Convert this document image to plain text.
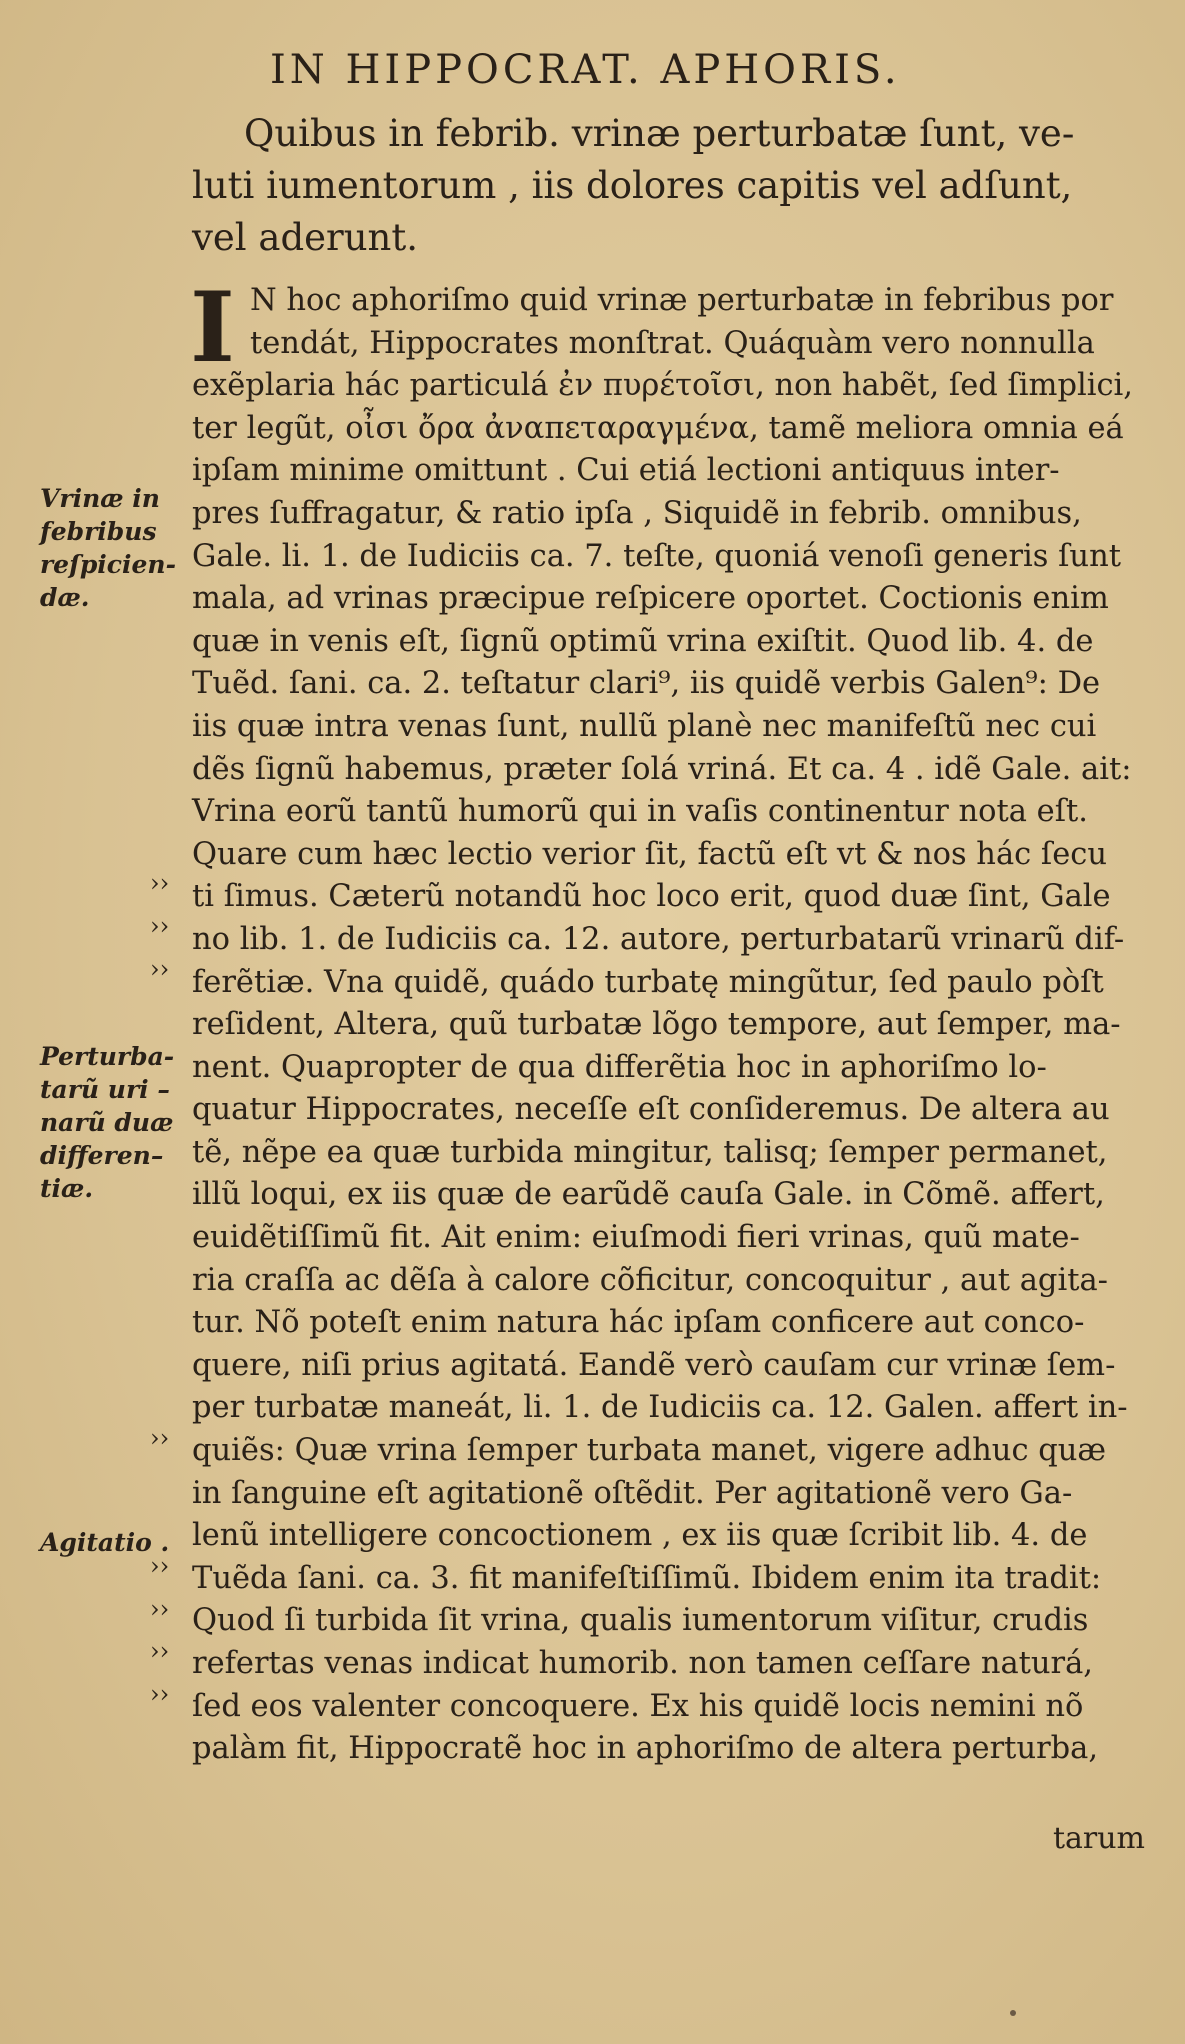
IN HIPPOCRAT. APHORIS.
Quibus in febrib. vrinæ perturbatæ ſunt, ve-
luti iumentorum , iis dolores capitis vel adſunt,
vel aderunt.
I N hoc aphoriſmo quid vrinæ perturbatæ in febribus por
tendát, Hippocrates monſtrat. Quáquàm vero nonnulla
exẽplaria hác particulá ἐν πυρέτοῖσι, non habẽt, ſed ſimplici,
ter legũt, οἶσι ὄρα ἀναπεταραγμένα, tamẽ meliora omnia eá
ipſam minime omittunt . Cui etiá lectioni antiquus inter-
pres ſuffragatur, & ratio ipſa , Siquidẽ in febrib. omnibus,
Gale. li. 1. de Iudiciis ca. 7. teſte, quoniá venoſi generis ſunt
mala, ad vrinas præcipue reſpicere oportet. Coctionis enim
quæ in venis eſt, ſignũ optimũ vrina exiſtit. Quod lib. 4. de
Tuẽd. ſani. ca. 2. teſtatur clari⁹, iis quidẽ verbis Galen⁹: De
iis quæ intra venas ſunt, nullũ planè nec manifeſtũ nec cui
dẽs ſignũ habemus, præter ſolá vriná. Et ca. 4 . idẽ Gale. ait:
Vrina eorũ tantũ humorũ qui in vaſis continentur nota eſt.
Quare cum hæc lectio verior ſit, factũ eſt vt & nos hác ſecu
ti ſimus. Cæterũ notandũ hoc loco erit, quod duæ ſint, Gale
no lib. 1. de Iudiciis ca. 12. autore, perturbatarũ vrinarũ dif-
ferẽtiæ. Vna quidẽ, quádo turbatę mingũtur, ſed paulo pòſt
reſident, Altera, quũ turbatæ lõgo tempore, aut ſemper, ma-
nent. Quapropter de qua differẽtia hoc in aphoriſmo lo-
quatur Hippocrates, neceſſe eſt conſideremus. De altera au
tẽ, nẽpe ea quæ turbida mingitur, talisq; ſemper permanet,
illũ loqui, ex iis quæ de earũdẽ cauſa Gale. in Cõmẽ. affert,
euidẽtiſſimũ fit. Ait enim: eiuſmodi fieri vrinas, quũ mate-
ria craſſa ac dẽſa à calore cõficitur, concoquitur , aut agita-
tur. Nõ poteſt enim natura hác ipſam conficere aut conco-
quere, niſi prius agitatá. Eandẽ verò cauſam cur vrinæ ſem-
per turbatæ maneát, li. 1. de Iudiciis ca. 12. Galen. affert in-
quiẽs: Quæ vrina ſemper turbata manet, vigere adhuc quæ
in ſanguine eſt agitationẽ oſtẽdit. Per agitationẽ vero Ga-
lenũ intelligere concoctionem , ex iis quæ ſcribit lib. 4. de
Tuẽda ſani. ca. 3. fit manifeſtiſſimũ. Ibidem enim ita tradit:
Quod ſi turbida ſit vrina, qualis iumentorum viſitur, crudis
refertas venas indicat humorib. non tamen ceſſare naturá,
ſed eos valenter concoquere. Ex his quidẽ locis nemini nõ
palàm fit, Hippocratẽ hoc in aphoriſmo de altera perturba,
tarum
Vrinæ in
febribus
reſpicien-
dæ.
Perturba-
tarũ uri –
narũ duæ
differen–
tiæ.
Agitatio .
››
››
››
››
››
››
››
››
